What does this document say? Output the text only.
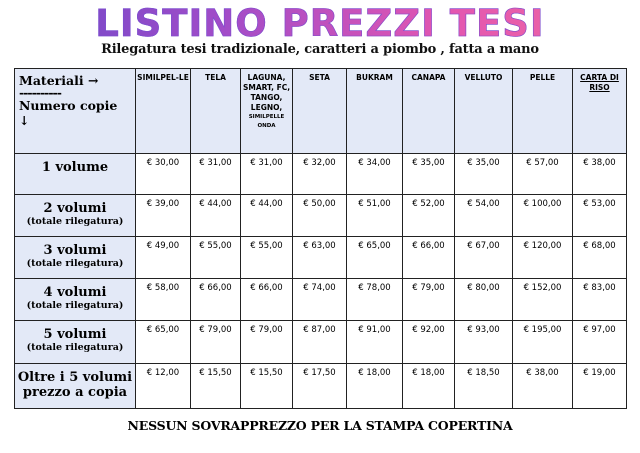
LISTINO PREZZI TESI
Rilegatura tesi tradizionale, caratteri a piombo , fatta a mano
Materiali →

----------
Numero copie
↓	SIMILPEL-LE	TELA	LAGUNA, SMART, FC, TANGO, LEGNO,
SIMILPELLE ONDA	SETA	BUKRAM	CANAPA	VELLUTO	PELLE	CARTA DI RISO

1 volume	€ 30,00	€ 31,00	€ 31,00	€ 32,00	€ 34,00	€ 35,00	€ 35,00	€ 57,00	€ 38,00

2 volumi
(totale rilegatura)	€ 39,00	€ 44,00	€ 44,00	€ 50,00	€ 51,00	€ 52,00	€ 54,00	€ 100,00	€ 53,00

3 volumi
(totale rilegatura)	€ 49,00	€ 55,00	€ 55,00	€ 63,00	€ 65,00	€ 66,00	€ 67,00	€ 120,00	€ 68,00

4 volumi
(totale rilegatura)	€ 58,00	€ 66,00	€ 66,00	€ 74,00	€ 78,00	€ 79,00	€ 80,00	€ 152,00	€ 83,00

5 volumi
(totale rilegatura)	€ 65,00	€ 79,00	€ 79,00	€ 87,00	€ 91,00	€ 92,00	€ 93,00	€ 195,00	€ 97,00

Oltre i 5 volumi prezzo a copia	€ 12,00	€ 15,50	€ 15,50	€ 17,50	€ 18,00	€ 18,00	€ 18,50	€ 38,00	€ 19,00
NESSUN SOVRAPPREZZO PER LA STAMPA COPERTINA
